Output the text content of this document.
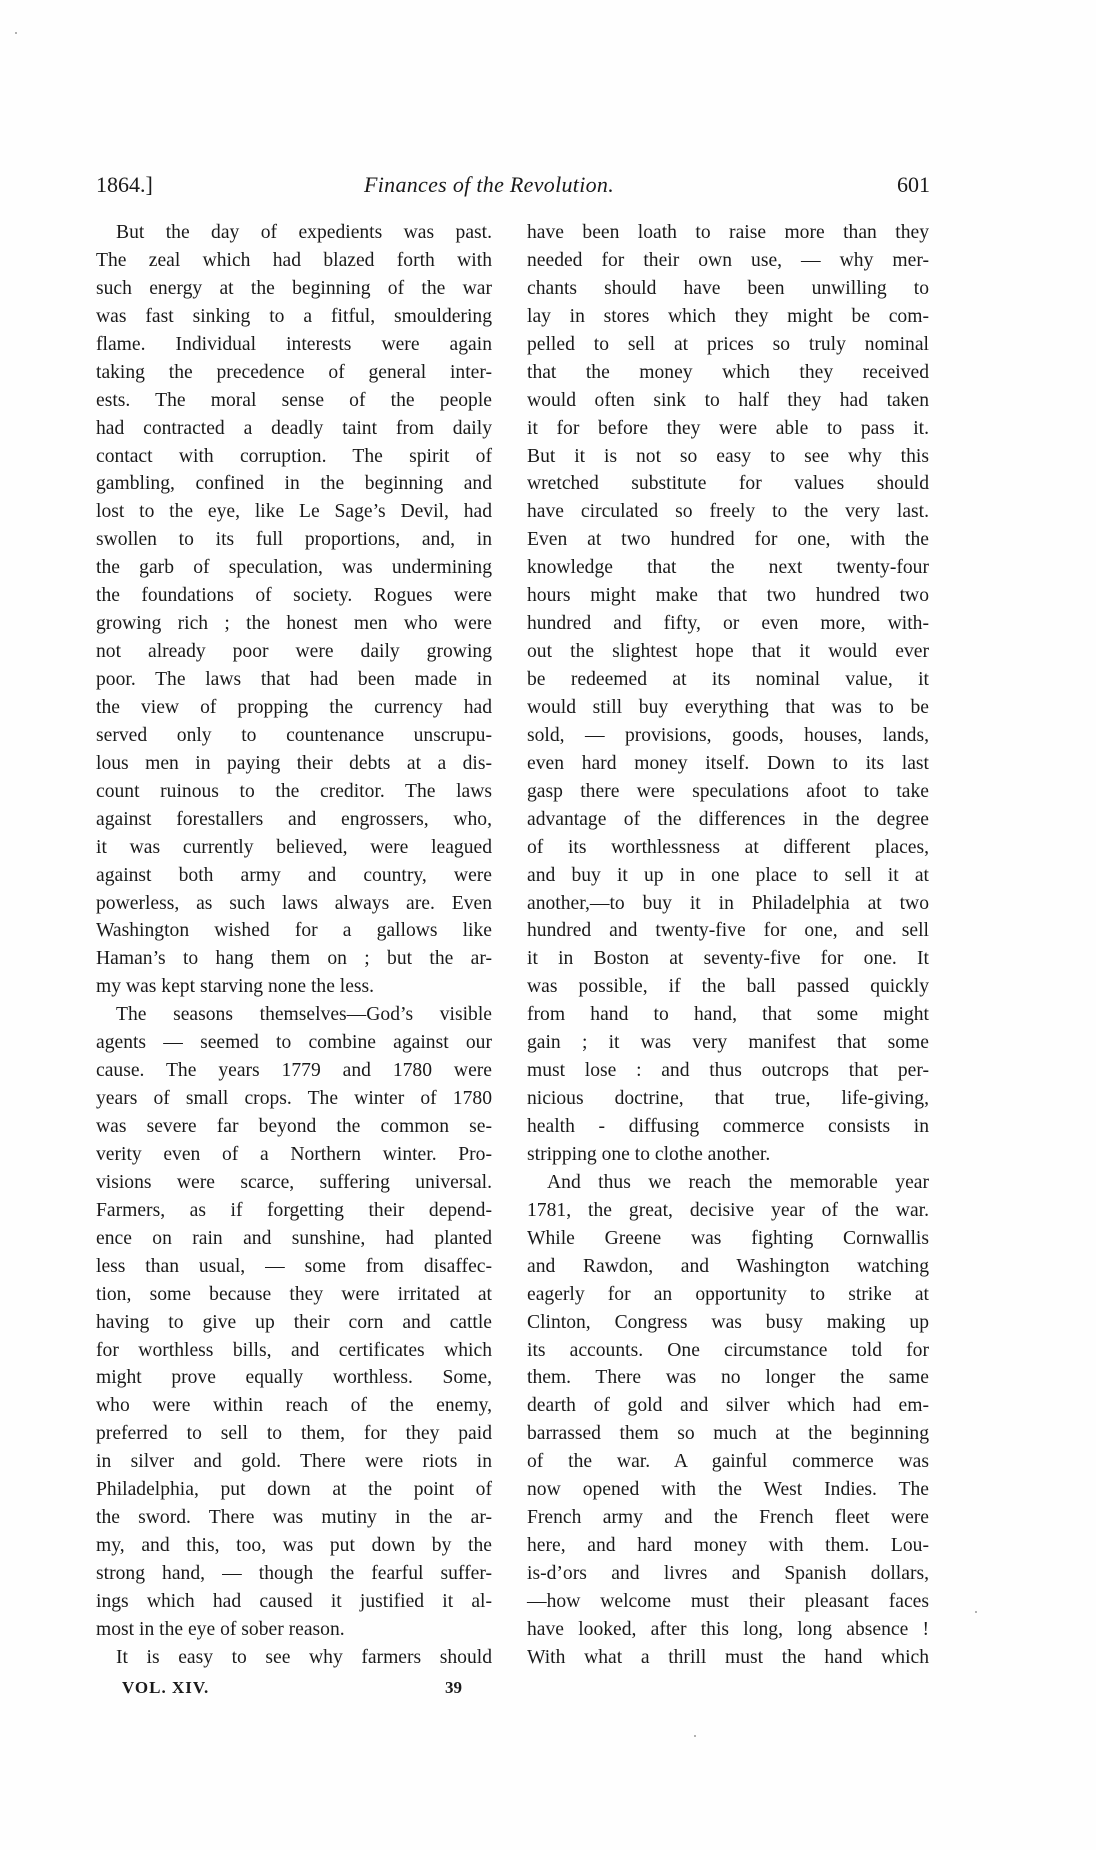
1864.]	Finances of the Revolution.	601
But the day of expedients was past.
The zeal which had blazed forth with
such energy at the beginning of the war
was fast sinking to a fitful, smouldering
flame. Individual interests were again
taking the precedence of general inter-
ests. The moral sense of the people
had contracted a deadly taint from daily
contact with corruption. The spirit of
gambling, confined in the beginning and
lost to the eye, like Le Sage’s Devil, had
swollen to its full proportions, and, in
the garb of speculation, was undermining
the foundations of society. Rogues were
growing rich ; the honest men who were
not already poor were daily growing
poor. The laws that had been made in
the view of propping the currency had
served only to countenance unscrupu-
lous men in paying their debts at a dis-
count ruinous to the creditor. The laws
against forestallers and engrossers, who,
it was currently believed, were leagued
against both army and country, were
powerless, as such laws always are. Even
Washington wished for a gallows like
Haman’s to hang them on ; but the ar-
my was kept starving none the less.
The seasons themselves—God’s visible
agents — seemed to combine against our
cause. The years 1779 and 1780 were
years of small crops. The winter of 1780
was severe far beyond the common se-
verity even of a Northern winter. Pro-
visions were scarce, suffering universal.
Farmers, as if forgetting their depend-
ence on rain and sunshine, had planted
less than usual, — some from disaffec-
tion, some because they were irritated at
having to give up their corn and cattle
for worthless bills, and certificates which
might prove equally worthless. Some,
who were within reach of the enemy,
preferred to sell to them, for they paid
in silver and gold. There were riots in
Philadelphia, put down at the point of
the sword. There was mutiny in the ar-
my, and this, too, was put down by the
strong hand, — though the fearful suffer-
ings which had caused it justified it al-
most in the eye of sober reason.
It is easy to see why farmers should
have been loath to raise more than they
needed for their own use, — why mer-
chants should have been unwilling to
lay in stores which they might be com-
pelled to sell at prices so truly nominal
that the money which they received
would often sink to half they had taken
it for before they were able to pass it.
But it is not so easy to see why this
wretched substitute for values should
have circulated so freely to the very last.
Even at two hundred for one, with the
knowledge that the next twenty-four
hours might make that two hundred two
hundred and fifty, or even more, with-
out the slightest hope that it would ever
be redeemed at its nominal value, it
would still buy everything that was to be
sold, — provisions, goods, houses, lands,
even hard money itself. Down to its last
gasp there were speculations afoot to take
advantage of the differences in the degree
of its worthlessness at different places,
and buy it up in one place to sell it at
another,—to buy it in Philadelphia at two
hundred and twenty-five for one, and sell
it in Boston at seventy-five for one. It
was possible, if the ball passed quickly
from hand to hand, that some might
gain ; it was very manifest that some
must lose : and thus outcrops that per-
nicious doctrine, that true, life-giving,
health - diffusing commerce consists in
stripping one to clothe another.
And thus we reach the memorable year
1781, the great, decisive year of the war.
While Greene was fighting Cornwallis
and Rawdon, and Washington watching
eagerly for an opportunity to strike at
Clinton, Congress was busy making up
its accounts. One circumstance told for
them. There was no longer the same
dearth of gold and silver which had em-
barrassed them so much at the beginning
of the war. A gainful commerce was
now opened with the West Indies. The
French army and the French fleet were
here, and hard money with them. Lou-
is-d’ors and livres and Spanish dollars,
—how welcome must their pleasant faces
have looked, after this long, long absence !
With what a thrill must the hand which
VOL. XIV.	39
